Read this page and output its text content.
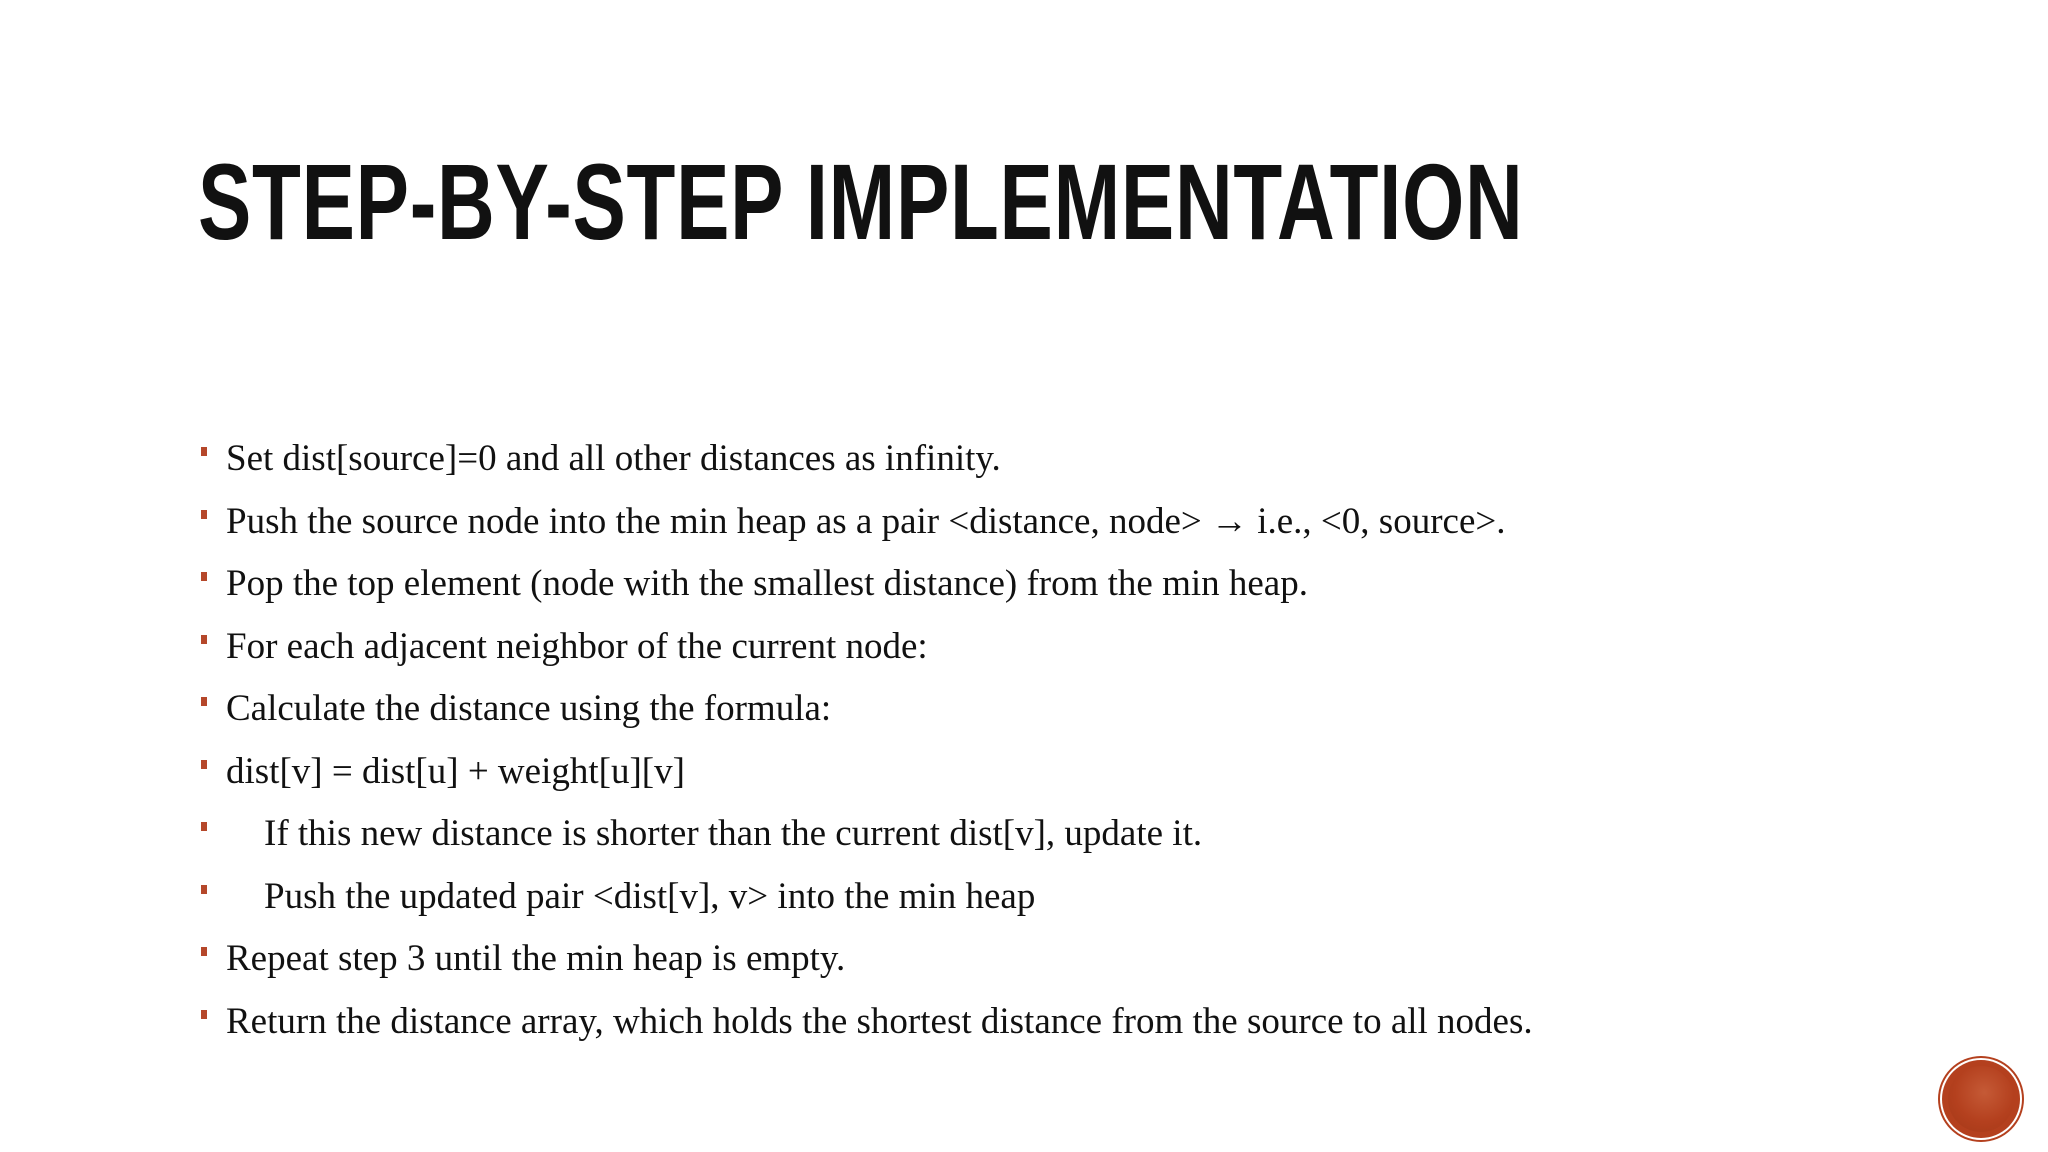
STEP-BY-STEP IMPLEMENTATION
Set dist[source]=0 and all other distances as infinity.
Push the source node into the min heap as a pair <distance, node> → i.e., <0, source>.
Pop the top element (node with the smallest distance) from the min heap.
For each adjacent neighbor of the current node:
Calculate the distance using the formula:
dist[v] = dist[u] + weight[u][v]
If this new distance is shorter than the current dist[v], update it.
Push the updated pair <dist[v], v> into the min heap
Repeat step 3 until the min heap is empty.
Return the distance array, which holds the shortest distance from the source to all nodes.
